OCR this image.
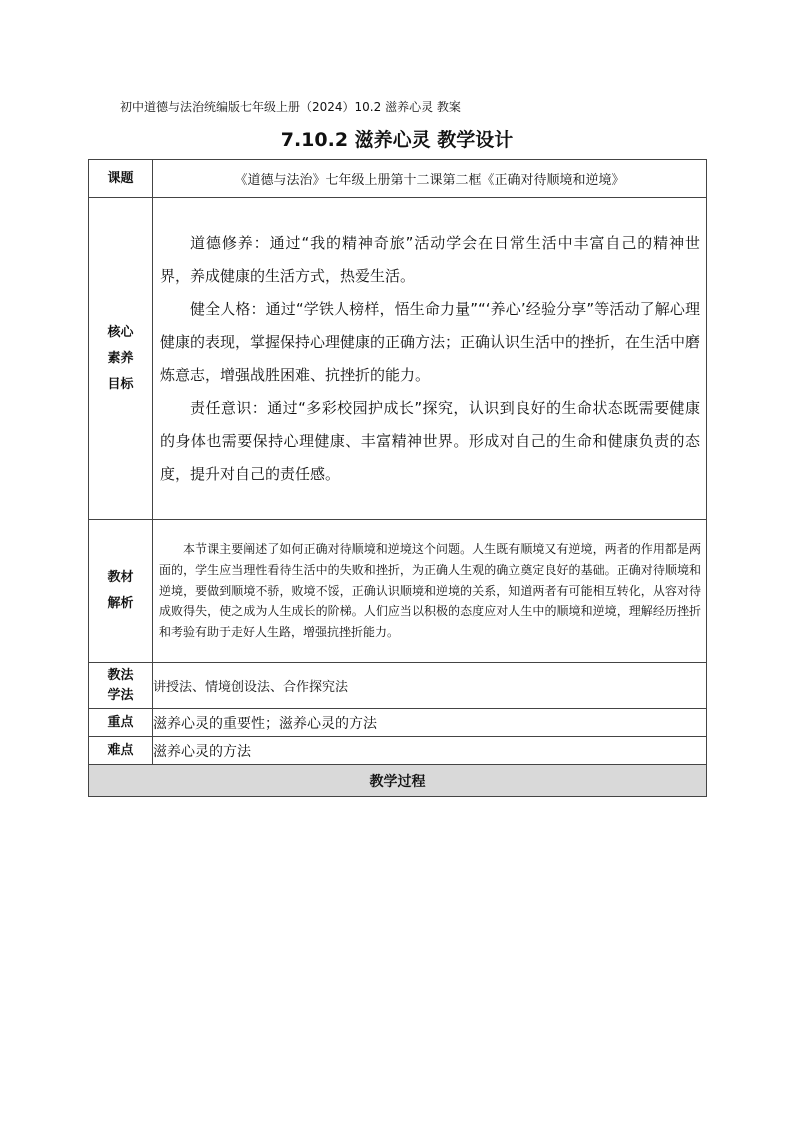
初中道德与法治统编版七年级上册（2024）10.2 滋养心灵 教案
7.10.2 滋养心灵 教学设计
课题	《道德与法治》七年级上册第十二课第二框《正确对待顺境和逆境》

核心素养目标	道德修养：通过“我的精神奇旅”活动学会在日常生活中丰富自己的精神世界，养成健康的生活方式，热爱生活。

健全人格：通过“学铁人榜样，悟生命力量”“‘养心’经验分享”等活动了解心理健康的表现，掌握保持心理健康的正确方法；正确认识生活中的挫折，在生活中磨炼意志，增强战胜困难、抗挫折的能力。

责任意识：通过“多彩校园护成长”探究，认识到良好的生命状态既需要健康的身体也需要保持心理健康、丰富精神世界。形成对自己的生命和健康负责的态度，提升对自己的责任感。

教材解析	本节课主要阐述了如何正确对待顺境和逆境这个问题。人生既有顺境又有逆境，两者的作用都是两面的，学生应当理性看待生活中的失败和挫折，为正确人生观的确立奠定良好的基础。正确对待顺境和逆境，要做到顺境不骄，败境不馁，正确认识顺境和逆境的关系，知道两者有可能相互转化，从容对待成败得失，使之成为人生成长的阶梯。人们应当以积极的态度应对人生中的顺境和逆境，理解经历挫折和考验有助于走好人生路，增强抗挫折能力。

教法学法	讲授法、情境创设法、合作探究法
重点	滋养心灵的重要性；滋养心灵的方法
难点	滋养心灵的方法
教学过程	
